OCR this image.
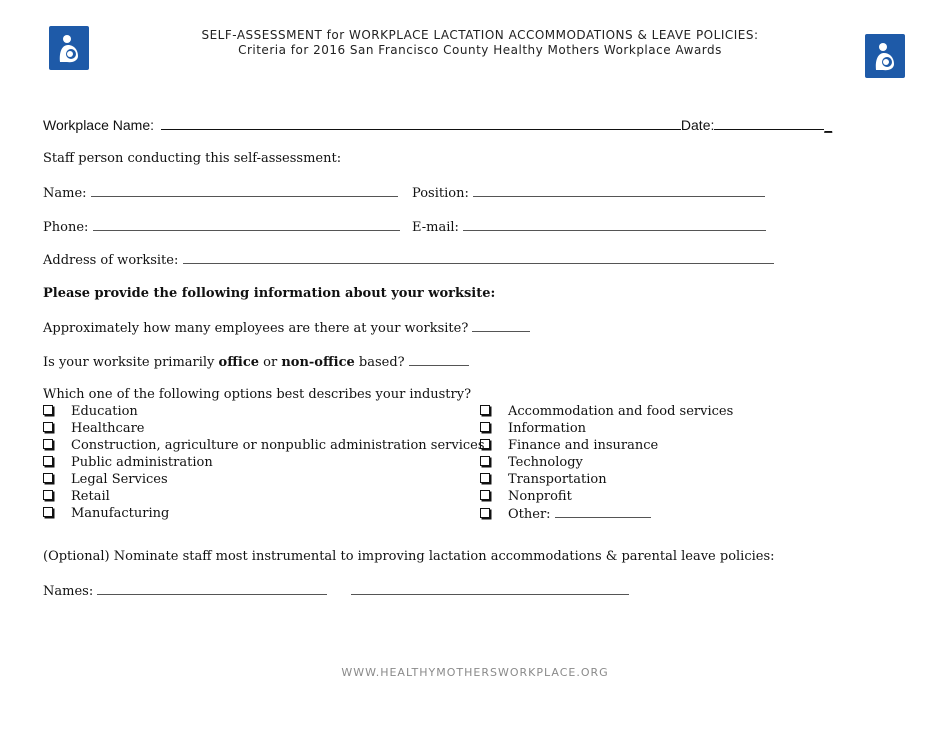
SELF-ASSESSMENT for WORKPLACE LACTATION ACCOMMODATIONS & LEAVE POLICIES:
Criteria for 2016 San Francisco County Healthy Mothers Workplace Awards
Workplace Name:	Date:	_
Staff person conducting this self-assessment:
Name:	Position:
Phone:	E-mail:
Address of worksite:
Please provide the following information about your worksite:
Approximately how many employees are there at your worksite?
Is your worksite primarily office or non-office based?
Which one of the following options best describes your industry?
Education
Healthcare
Construction, agriculture or nonpublic administration services
Public administration
Legal Services
Retail
Manufacturing
Accommodation and food services
Information
Finance and insurance
Technology
Transportation
Nonprofit
Other:
(Optional) Nominate staff most instrumental to improving lactation accommodations & parental leave policies:
Names:
WWW.HEALTHYMOTHERSWORKPLACE.ORG
